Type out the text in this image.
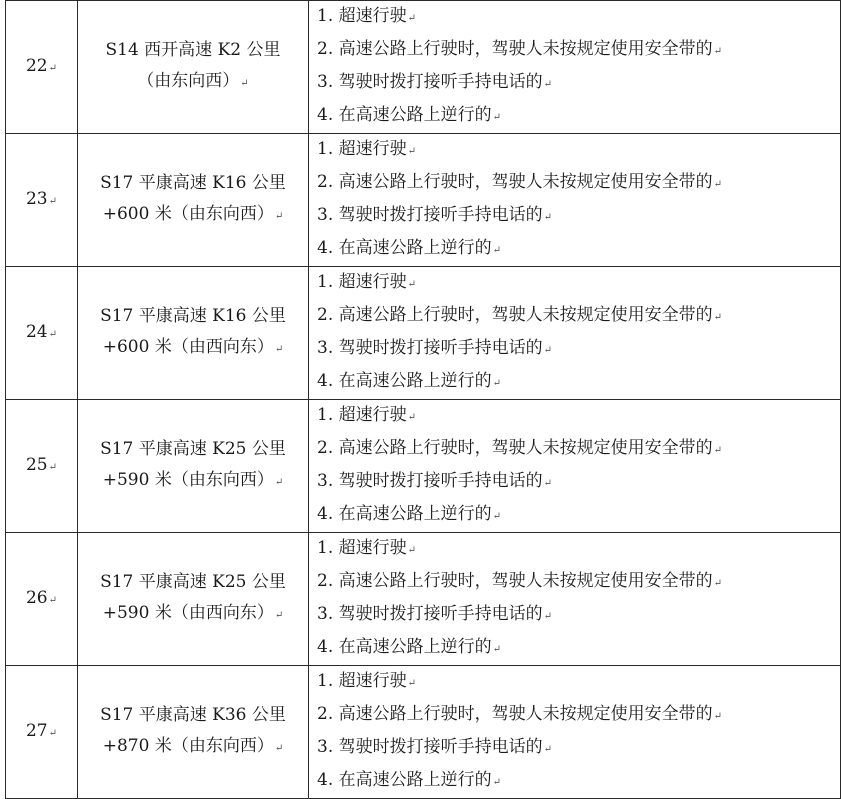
22↵	S14 西开高速 K2 公里
（由东向西）↵	1. 超速行驶↵
2. 高速公路上行驶时，驾驶人未按规定使用安全带的↵
3. 驾驶时拨打接听手持电话的↵
4. 在高速公路上逆行的↵

23↵	S17 平康高速 K16 公里
+600 米（由东向西）↵	1. 超速行驶↵
2. 高速公路上行驶时，驾驶人未按规定使用安全带的↵
3. 驾驶时拨打接听手持电话的↵
4. 在高速公路上逆行的↵

24↵	S17 平康高速 K16 公里
+600 米（由西向东）↵	1. 超速行驶↵
2. 高速公路上行驶时，驾驶人未按规定使用安全带的↵
3. 驾驶时拨打接听手持电话的↵
4. 在高速公路上逆行的↵

25↵	S17 平康高速 K25 公里
+590 米（由东向西）↵	1. 超速行驶↵
2. 高速公路上行驶时，驾驶人未按规定使用安全带的↵
3. 驾驶时拨打接听手持电话的↵
4. 在高速公路上逆行的↵

26↵	S17 平康高速 K25 公里
+590 米（由西向东）↵	1. 超速行驶↵
2. 高速公路上行驶时，驾驶人未按规定使用安全带的↵
3. 驾驶时拨打接听手持电话的↵
4. 在高速公路上逆行的↵

27↵	S17 平康高速 K36 公里
+870 米（由东向西）↵	1. 超速行驶↵
2. 高速公路上行驶时，驾驶人未按规定使用安全带的↵
3. 驾驶时拨打接听手持电话的↵
4. 在高速公路上逆行的↵
